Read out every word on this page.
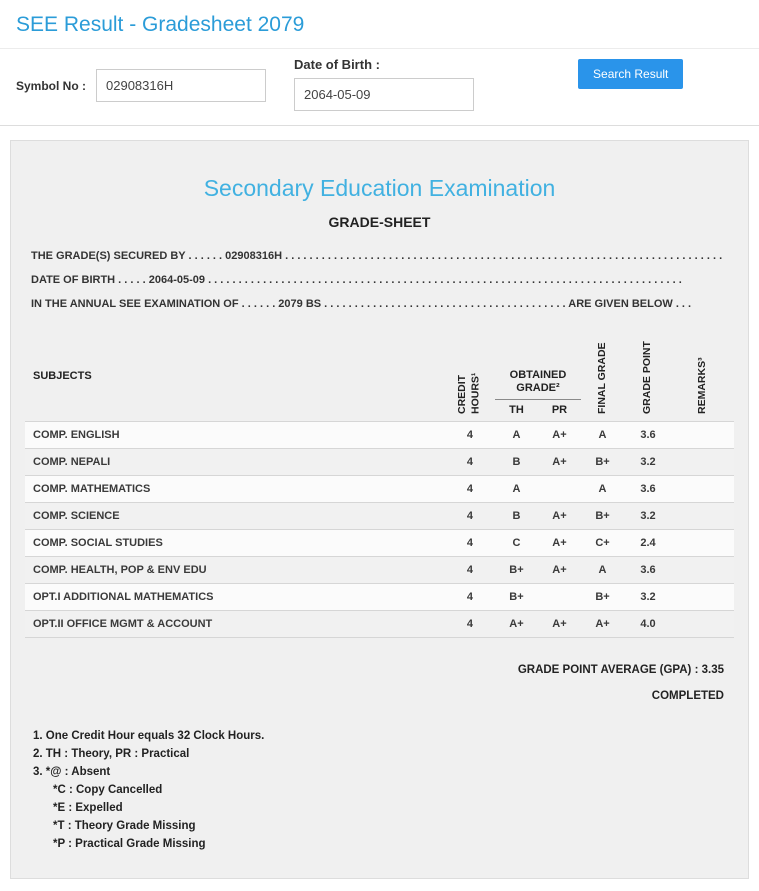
SEE Result - Gradesheet 2079
Symbol No :
02908316H
Date of Birth :
2064-05-09
Search Result
Secondary Education Examination
GRADE-SHEET
THE GRADE(S) SECURED BY . . . . . . 02908316H . . . . . . . . . . . . . . . . . . . . . . . . . . . . . . . . . . . . . . . . . . . . . . . . . . . . . . . . . . . . . . . . . . . . . . . .
DATE OF BIRTH . . . . . 2064-05-09 . . . . . . . . . . . . . . . . . . . . . . . . . . . . . . . . . . . . . . . . . . . . . . . . . . . . . . . . . . . . . . . . . . . . . . . . . . . . . .
IN THE ANNUAL SEE EXAMINATION OF . . . . . . 2079 BS . . . . . . . . . . . . . . . . . . . . . . . . . . . . . . . . . . . . . . . . ARE GIVEN BELOW . . .
SUBJECTS	CREDIT HOURS¹	OBTAINED GRADE²		FINAL GRADE	GRADE POINT	REMARKS³
		TH	PR			
COMP. ENGLISH	4	A	A+	A	3.6	
COMP. NEPALI	4	B	A+	B+	3.2	
COMP. MATHEMATICS	4	A		A	3.6	
COMP. SCIENCE	4	B	A+	B+	3.2	
COMP. SOCIAL STUDIES	4	C	A+	C+	2.4	
COMP. HEALTH, POP & ENV EDU	4	B+	A+	A	3.6	
OPT.I ADDITIONAL MATHEMATICS	4	B+		B+	3.2	
OPT.II OFFICE MGMT & ACCOUNT	4	A+	A+	A+	4.0	
GRADE POINT AVERAGE (GPA) : 3.35
COMPLETED
1. One Credit Hour equals 32 Clock Hours.
2. TH : Theory, PR : Practical
3. *@ : Absent
*C : Copy Cancelled
*E : Expelled
*T : Theory Grade Missing
*P : Practical Grade Missing
